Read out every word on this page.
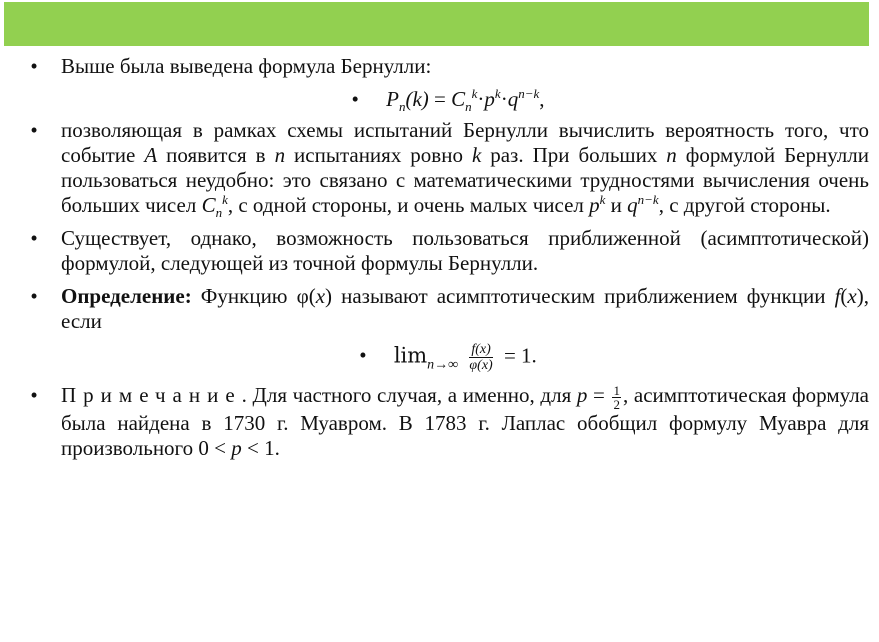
• Выше была выведена формула Бернулли:
• $P_n(k) = C_n^k\cdot p^k\cdot q^{n-k}$,
• позволяющая в рамках схемы испытаний Бернулли вычислить вероятность того, что событие A появится в n испытаниях ровно k раз. При больших n формулой Бернулли пользоваться неудобно: это связано с математическими трудностями вычисления очень больших чисел $C_n^k$, с одной стороны, и очень малых чисел $p^k$ и $q^{n-k}$, с другой стороны.
• Существует, однако, возможность пользоваться приближенной (асимптотической) формулой, следующей из точной формулы Бернулли.
• Определение: Функцию φ(x) называют асимптотическим приближением функции f(x), если
• $\lim_{n\to\infty} \frac{f(x)}{\varphi(x)} = 1$.
• Примечание. Для частного случая, а именно, для $p = \frac{1}{2}$ , асимптотическая формула была найдена в 1730 г. Муавром. В 1783 г. Лаплас обобщил формулу Муавра для произвольного 0 < p < 1.
